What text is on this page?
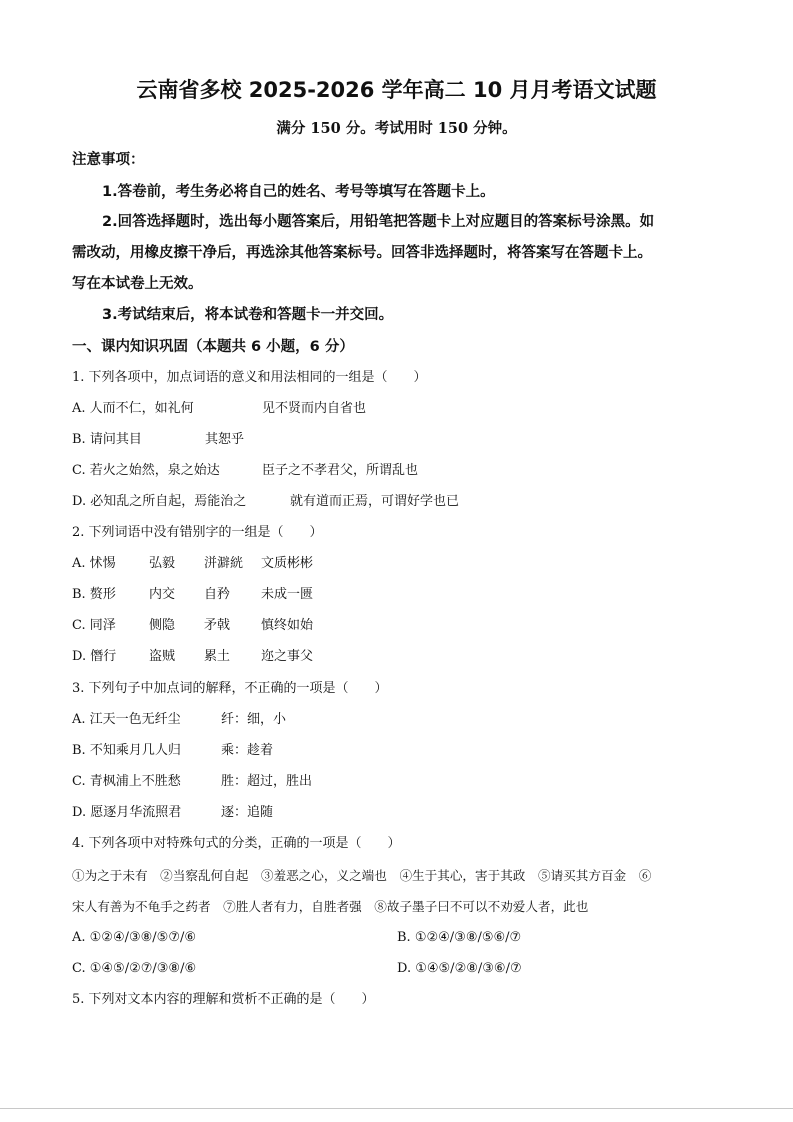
云南省多校 2025-2026 学年高二 10 月月考语文试题
满分 150 分。考试用时 150 分钟。
注意事项：
1.答卷前，考生务必将自己的姓名、考号等填写在答题卡上。
2.回答选择题时，选出每小题答案后，用铅笔把答题卡上对应题目的答案标号涂黑。如
需改动，用橡皮擦干净后，再选涂其他答案标号。回答非选择题时，将答案写在答题卡上。
写在本试卷上无效。
3.考试结束后，将本试卷和答题卡一并交回。
一、课内知识巩固（本题共 6 小题，6 分）
1. 下列各项中，加点词语的意义和用法相同的一组是（　　）
A. 人而不仁，如礼何	见不贤而内自省也
B. 请问其目	其恕乎
C. 若火之始然，泉之始达	臣子之不孝君父，所谓乱也
D. 必知乱之所自起，焉能治之	就有道而正焉，可谓好学也已
2. 下列词语中没有错别字的一组是（　　）
A. 怵惕	弘毅 洴澼絖 文质彬彬
B. 赘形	内交 自矜 未成一匮
C. 同泽	侧隐 矛戟 慎终如始
D. 僭行	盗贼 累土 迩之事父
3. 下列句子中加点词的解释，不正确的一项是（　　）
A. 江天一色无纤尘	纤：细，小
B. 不知乘月几人归	乘：趁着
C. 青枫浦上不胜愁	胜：超过，胜出
D. 愿逐月华流照君	逐：追随
4. 下列各项中对特殊句式的分类，正确的一项是（　　）
①为之于未有　②当察乱何自起　③羞恶之心，义之端也　④生于其心，害于其政　⑤请买其方百金　⑥
宋人有善为不龟手之药者　⑦胜人者有力，自胜者强　⑧故子墨子曰不可以不劝爱人者，此也
A. ①②④/③⑧/⑤⑦/⑥	B. ①②④/③⑧/⑤⑥/⑦
C. ①④⑤/②⑦/③⑧/⑥	D. ①④⑤/②⑧/③⑥/⑦
5. 下列对文本内容的理解和赏析不正确的是（　　）
